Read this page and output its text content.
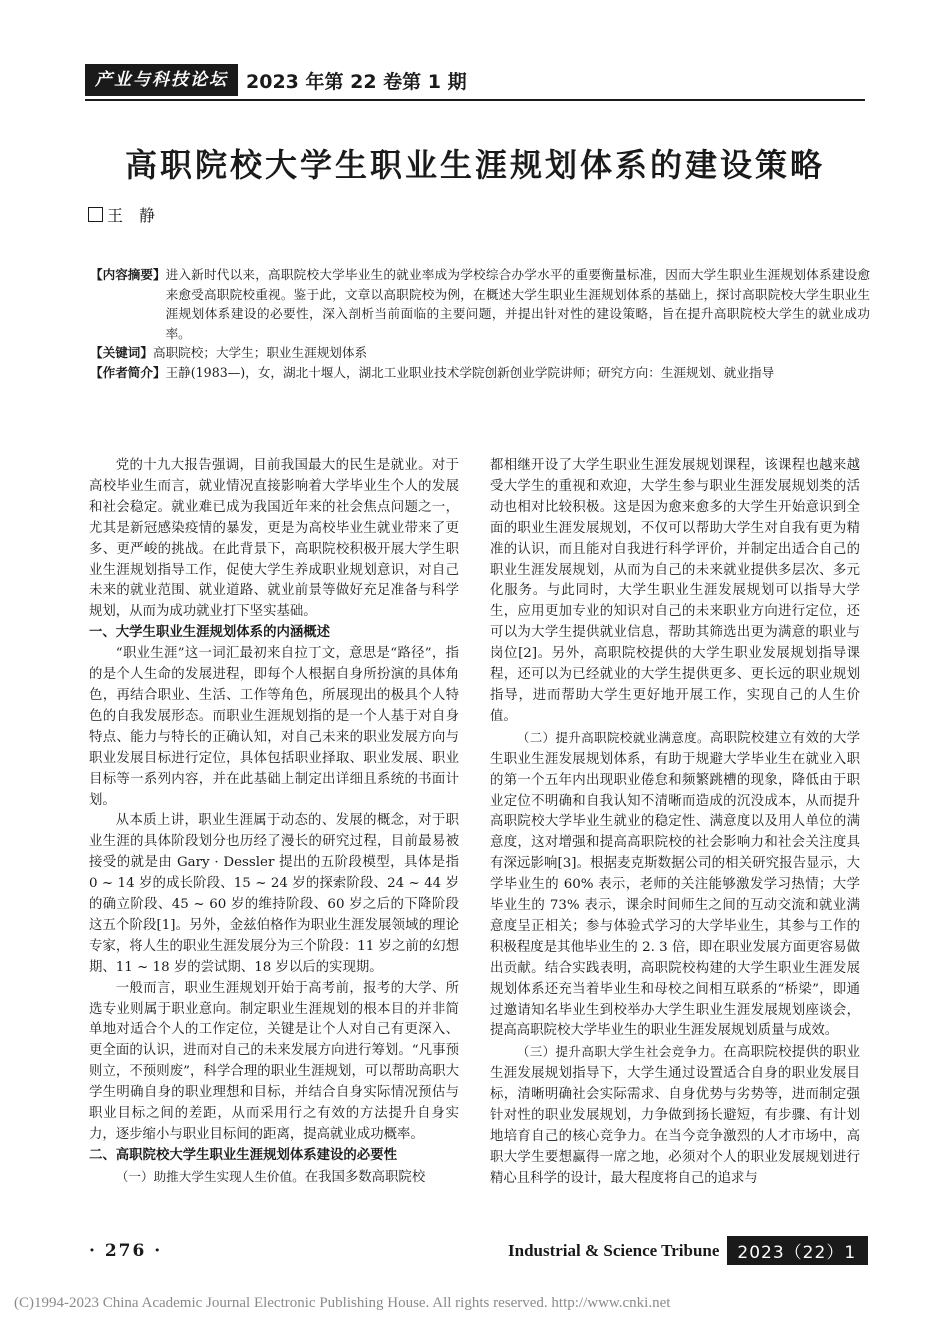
产业与科技论坛 2023 年第 22 卷第 1 期
高职院校大学生职业生涯规划体系的建设策略
王静
【内容摘要】 进入新时代以来，高职院校大学毕业生的就业率成为学校综合办学水平的重要衡量标准，因而大学生职业生涯规划体系建设愈来愈受高职院校重视。鉴于此，文章以高职院校为例，在概述大学生职业生涯规划体系的基础上，探讨高职院校大学生职业生涯规划体系建设的必要性，深入剖析当前面临的主要问题，并提出针对性的建设策略，旨在提升高职院校大学生的就业成功率。
【关键词】 高职院校；大学生；职业生涯规划体系
【作者简介】 王静(1983—)，女，湖北十堰人，湖北工业职业技术学院创新创业学院讲师；研究方向：生涯规划、就业指导

党的十九大报告强调，目前我国最大的民生是就业。对于高校毕业生而言，就业情况直接影响着大学毕业生个人的发展和社会稳定。就业难已成为我国近年来的社会焦点问题之一，尤其是新冠感染疫情的暴发，更是为高校毕业生就业带来了更多、更严峻的挑战。在此背景下，高职院校积极开展大学生职业生涯规划指导工作，促使大学生养成职业规划意识，对自己未来的就业范围、就业道路、就业前景等做好充足准备与科学规划，从而为成功就业打下坚实基础。

一、大学生职业生涯规划体系的内涵概述

“职业生涯”这一词汇最初来自拉丁文，意思是“路径”，指的是个人生命的发展进程，即每个人根据自身所扮演的具体角色，再结合职业、生活、工作等角色，所展现出的极具个人特色的自我发展形态。而职业生涯规划指的是一个人基于对自身特点、能力与特长的正确认知，对自己未来的职业发展方向与职业发展目标进行定位，具体包括职业择取、职业发展、职业目标等一系列内容，并在此基础上制定出详细且系统的书面计划。

从本质上讲，职业生涯属于动态的、发展的概念，对于职业生涯的具体阶段划分也历经了漫长的研究过程，目前最易被接受的就是由 Gary · Dessler 提出的五阶段模型，具体是指 0 ~ 14 岁的成长阶段、15 ~ 24 岁的探索阶段、24 ~ 44 岁的确立阶段、45 ~ 60 岁的维持阶段、60 岁之后的下降阶段这五个阶段[1]。另外，金兹伯格作为职业生涯发展领域的理论专家，将人生的职业生涯发展分为三个阶段：11 岁之前的幻想期、11 ~ 18 岁的尝试期、18 岁以后的实现期。

一般而言，职业生涯规划开始于高考前，报考的大学、所选专业则属于职业意向。制定职业生涯规划的根本目的并非简单地对适合个人的工作定位，关键是让个人对自己有更深入、更全面的认识，进而对自己的未来发展方向进行筹划。“凡事预则立，不预则废”，科学合理的职业生涯规划，可以帮助高职大学生明确自身的职业理想和目标，并结合自身实际情况预估与职业目标之间的差距，从而采用行之有效的方法提升自身实力，逐步缩小与职业目标间的距离，提高就业成功概率。

二、高职院校大学生职业生涯规划体系建设的必要性

（一）助推大学生实现人生价值。在我国多数高职院校

都相继开设了大学生职业生涯发展规划课程，该课程也越来越受大学生的重视和欢迎，大学生参与职业生涯发展规划类的活动也相对比较积极。这是因为愈来愈多的大学生开始意识到全面的职业生涯发展规划，不仅可以帮助大学生对自我有更为精准的认识，而且能对自我进行科学评价，并制定出适合自己的职业生涯发展规划，从而为自己的未来就业提供多层次、多元化服务。与此同时，大学生职业生涯发展规划可以指导大学生，应用更加专业的知识对自己的未来职业方向进行定位，还可以为大学生提供就业信息，帮助其筛选出更为满意的职业与岗位[2]。另外，高职院校提供的大学生职业发展规划指导课程，还可以为已经就业的大学生提供更多、更长远的职业规划指导，进而帮助大学生更好地开展工作，实现自己的人生价值。

（二）提升高职院校就业满意度。高职院校建立有效的大学生职业生涯发展规划体系，有助于规避大学毕业生在就业入职的第一个五年内出现职业倦怠和频繁跳槽的现象，降低由于职业定位不明确和自我认知不清晰而造成的沉没成本，从而提升高职院校大学毕业生就业的稳定性、满意度以及用人单位的满意度，这对增强和提高高职院校的社会影响力和社会关注度具有深远影响[3]。根据麦克斯数据公司的相关研究报告显示，大学毕业生的 60% 表示，老师的关注能够激发学习热情；大学毕业生的 73% 表示，课余时间师生之间的互动交流和就业满意度呈正相关；参与体验式学习的大学毕业生，其参与工作的积极程度是其他毕业生的 2. 3 倍，即在职业发展方面更容易做出贡献。结合实践表明，高职院校构建的大学生职业生涯发展规划体系还充当着毕业生和母校之间相互联系的“桥梁”，即通过邀请知名毕业生到校举办大学生职业生涯发展规划座谈会，提高高职院校大学毕业生的职业生涯发展规划质量与成效。

（三）提升高职大学生社会竞争力。在高职院校提供的职业生涯发展规划指导下，大学生通过设置适合自身的职业发展目标，清晰明确社会实际需求、自身优势与劣势等，进而制定强针对性的职业发展规划，力争做到扬长避短，有步骤、有计划地培育自己的核心竞争力。在当今竞争激烈的人才市场中，高职大学生要想赢得一席之地，必须对个人的职业发展规划进行精心且科学的设计，最大程度将自己的追求与

· 276 ·	Industrial & Science Tribune	2023（22）1
(C)1994-2023 China Academic Journal Electronic Publishing House. All rights reserved. http://www.cnki.net
